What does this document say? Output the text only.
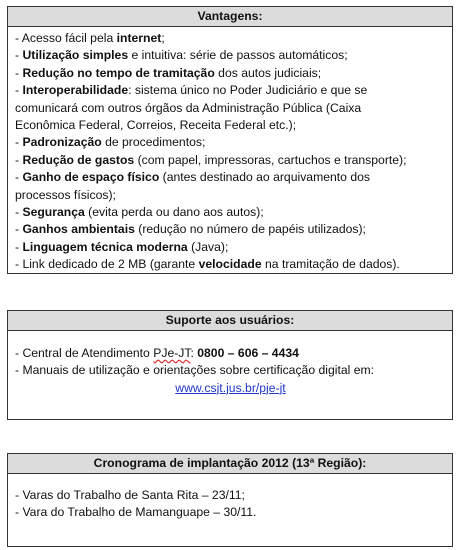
Vantagens:
- Acesso fácil pela internet;
- Utilização simples e intuitiva: série de passos automáticos;
- Redução no tempo de tramitação dos autos judiciais;
- Interoperabilidade: sistema único no Poder Judiciário e que se
comunicará com outros órgãos da Administração Pública (Caixa
Econômica Federal, Correios, Receita Federal etc.);
- Padronização de procedimentos;
- Redução de gastos (com papel, impressoras, cartuchos e transporte);
- Ganho de espaço físico (antes destinado ao arquivamento dos
processos físicos);
- Segurança (evita perda ou dano aos autos);
- Ganhos ambientais (redução no número de papéis utilizados);
- Linguagem técnica moderna (Java);
- Link dedicado de 2 MB (garante velocidade na tramitação de dados).
Suporte aos usuários:
- Central de Atendimento PJe-JT: 0800 – 606 – 4434
- Manuais de utilização e orientações sobre certificação digital em:
www.csjt.jus.br/pje-jt
Cronograma de implantação 2012 (13ª Região):
- Varas do Trabalho de Santa Rita – 23/11;
- Vara do Trabalho de Mamanguape – 30/11.
